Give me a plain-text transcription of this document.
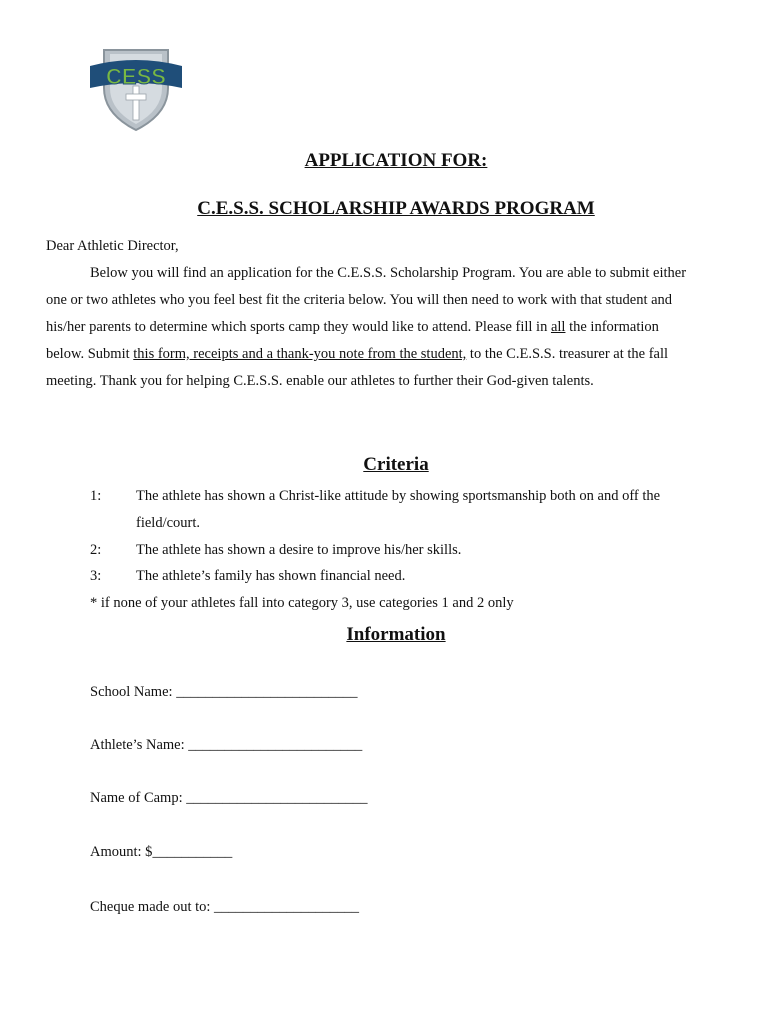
CESS
APPLICATION FOR:
C.E.S.S. SCHOLARSHIP AWARDS PROGRAM
Dear Athletic Director,

Below you will find an application for the C.E.S.S. Scholarship Program. You are able to submit either one or two athletes who you feel best fit the criteria below. You will then need to work with that student and his/her parents to determine which sports camp they would like to attend. Please fill in all the information below. Submit this form, receipts and a thank-you note from the student, to the C.E.S.S. treasurer at the fall meeting. Thank you for helping C.E.S.S. enable our athletes to further their God-given talents.

Criteria
1:	The athlete has shown a Christ-like attitude by showing sportsmanship both on and off the field/court.
2:	The athlete has shown a desire to improve his/her skills.
3:	The athlete’s family has shown financial need.
* if none of your athletes fall into category 3, use categories 1 and 2 only
Information
School Name: _________________________
Athlete’s Name: ________________________
Name of Camp: _________________________
Amount: $___________
Cheque made out to: ____________________
